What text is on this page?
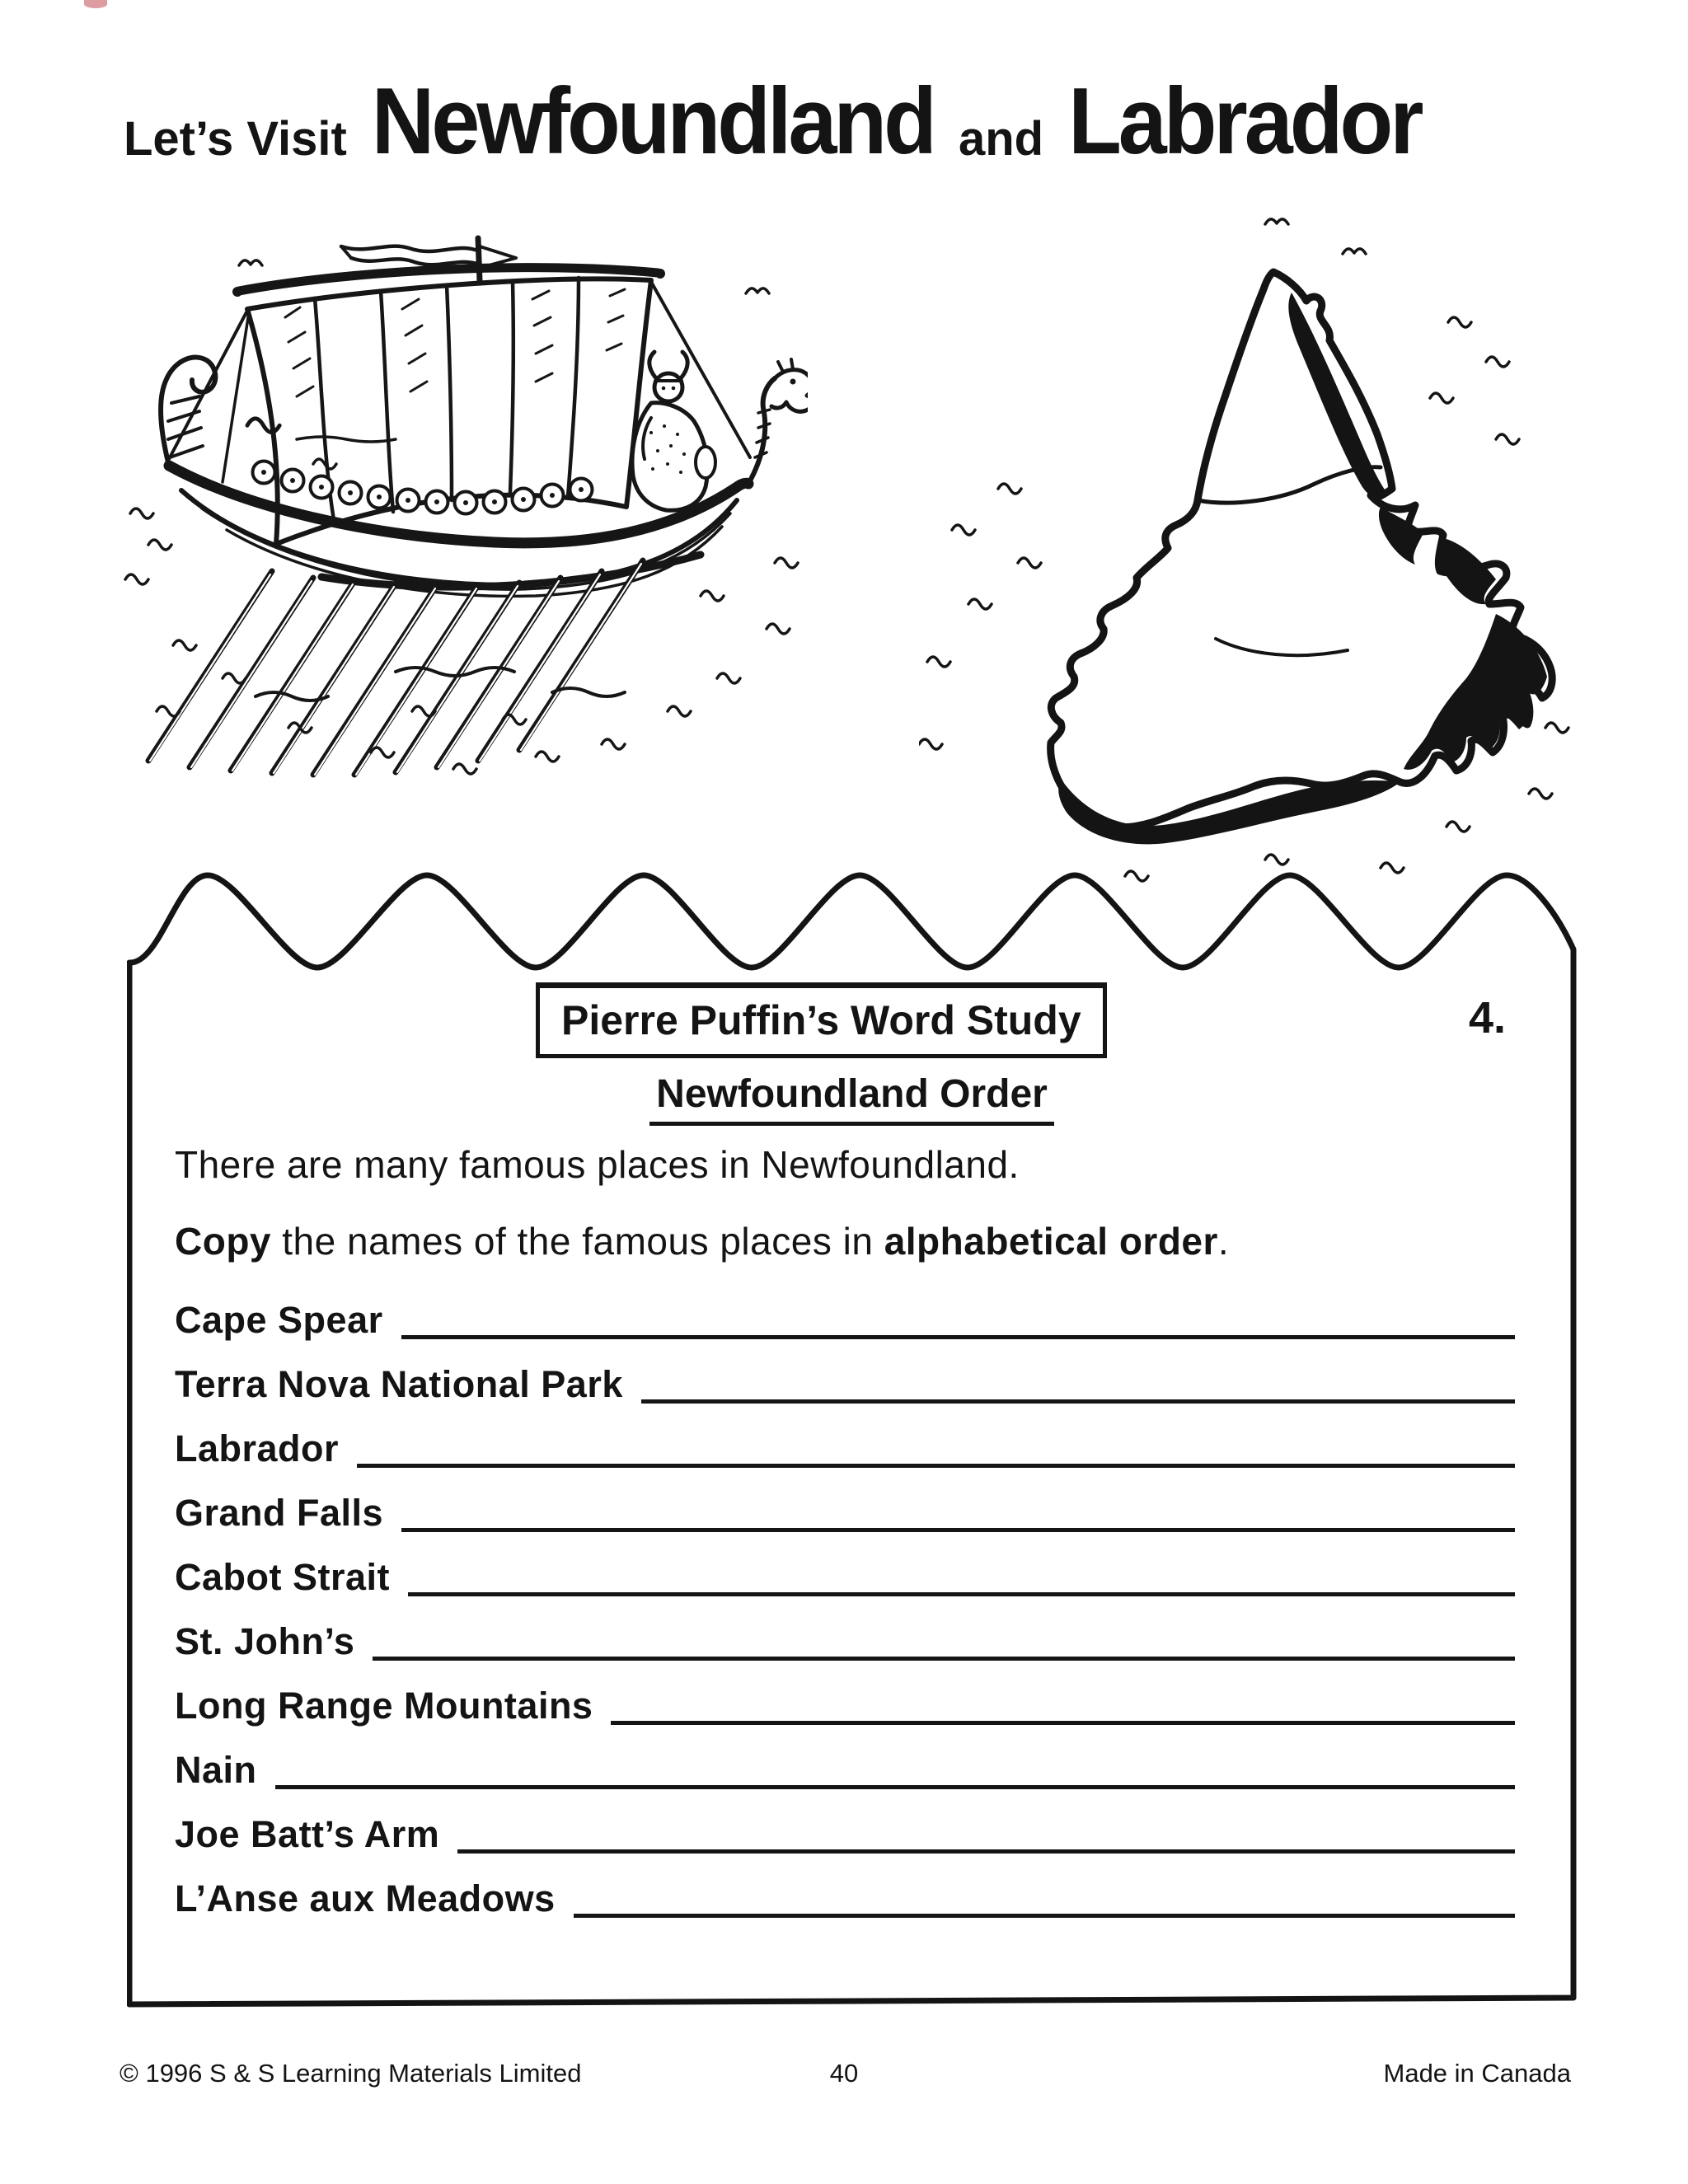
Let’s Visit Newfoundland and Labrador
Pierre Puffin’s Word Study	4.
Newfoundland Order
There are many famous places in Newfoundland.
Copy the names of the famous places in alphabetical order.
Cape Spear
Terra Nova National Park
Labrador
Grand Falls
Cabot Strait
St. John’s
Long Range Mountains
Nain
Joe Batt’s Arm
L’Anse aux Meadows
© 1996 S & S Learning Materials Limited	40	Made in Canada
